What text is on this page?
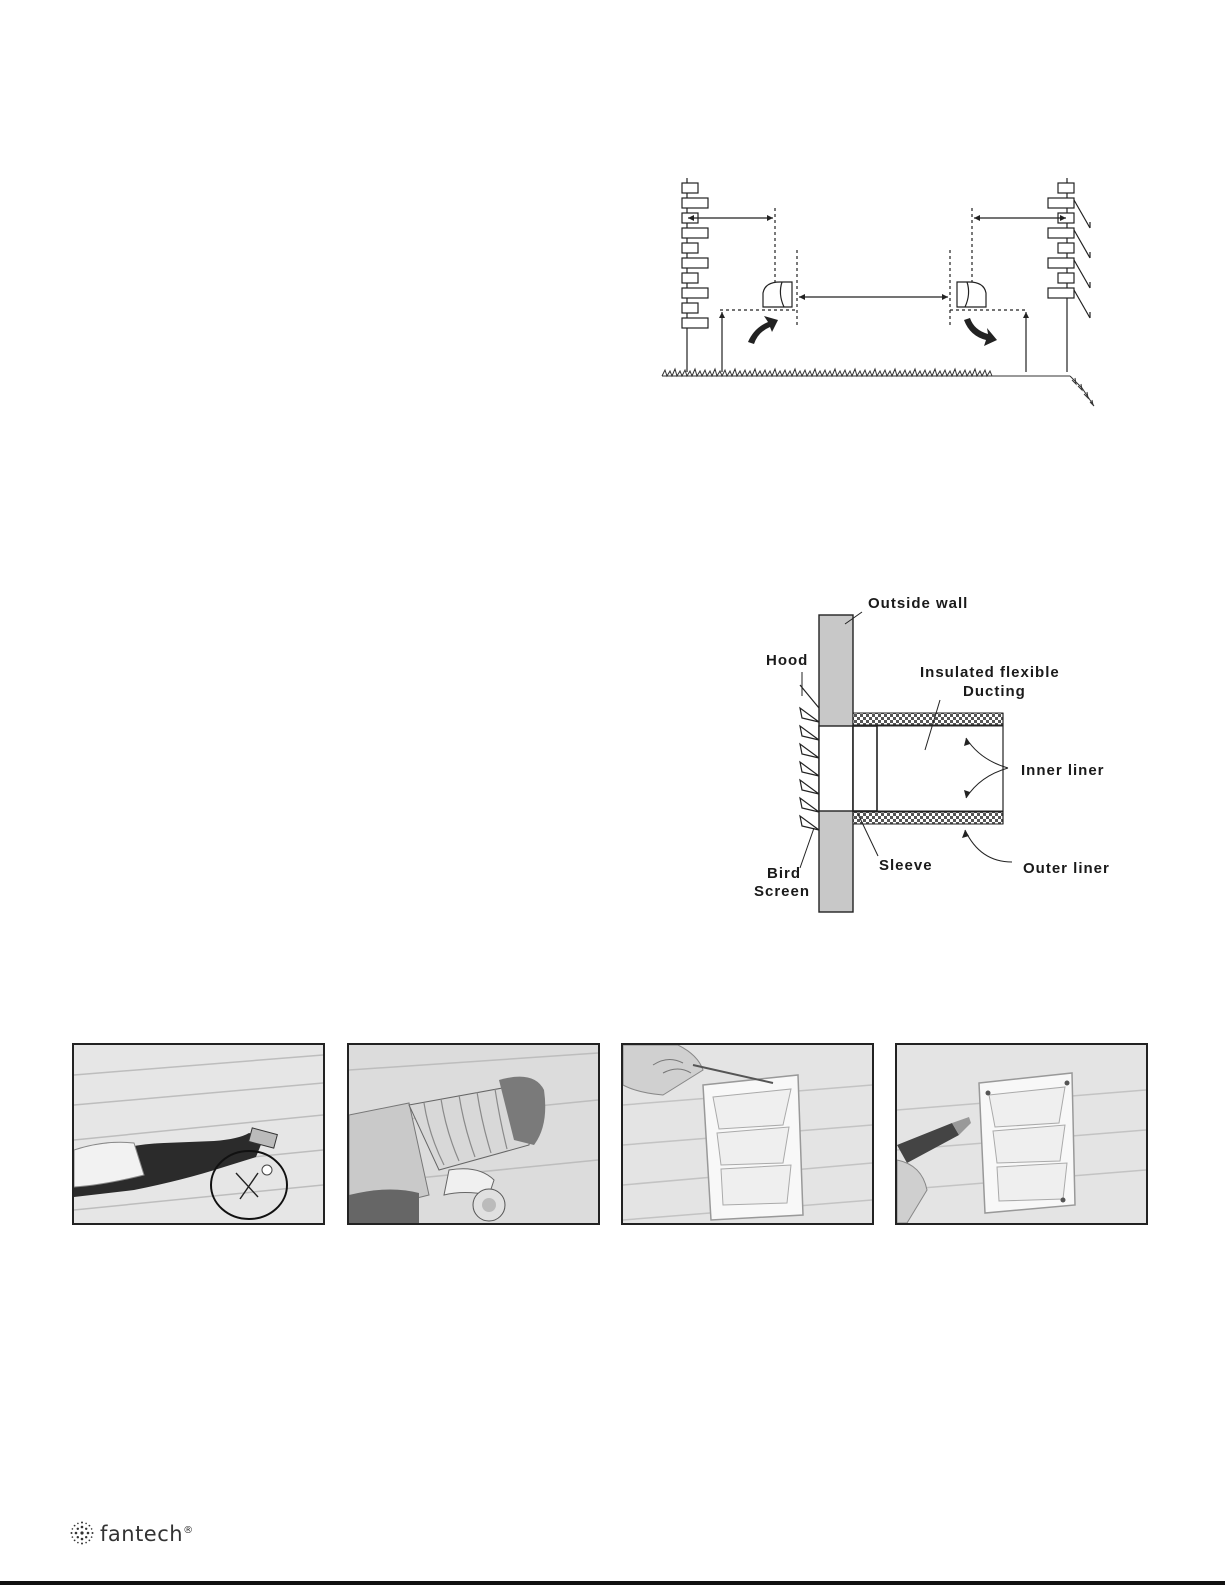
Outside wall
Hood
Insulated flexible
Ducting
Inner liner
Bird
Screen
Sleeve	Outer liner
fantech®
